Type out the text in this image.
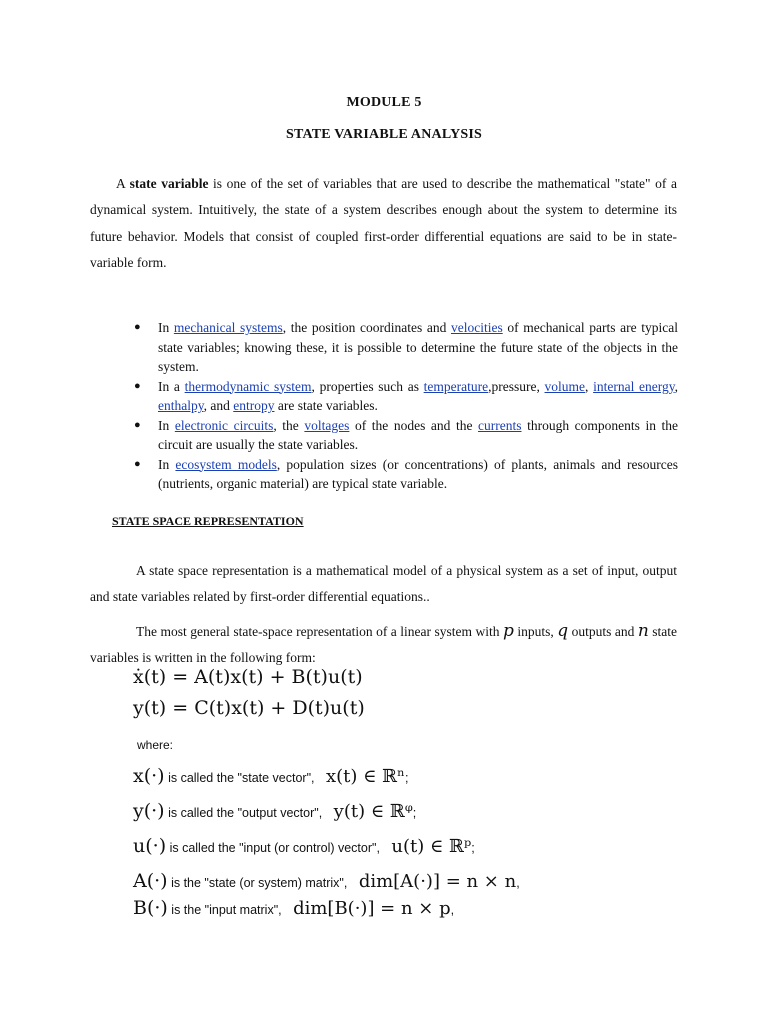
MODULE 5
STATE VARIABLE ANALYSIS

A state variable is one of the set of variables that are used to describe the mathematical "state" of a dynamical system. Intuitively, the state of a system describes enough about the system to determine its future behavior. Models that consist of coupled first-order differential equations are said to be in state-variable form.

● In mechanical systems, the position coordinates and velocities of mechanical parts are typical state variables; knowing these, it is possible to determine the future state of the objects in the system.
● In a thermodynamic system, properties such as temperature,pressure, volume, internal energy, enthalpy, and entropy are state variables.
● In electronic circuits, the voltages of the nodes and the currents through components in the circuit are usually the state variables.
● In ecosystem models, population sizes (or concentrations) of plants, animals and resources (nutrients, organic material) are typical state variable.
STATE SPACE REPRESENTATION

A state space representation is a mathematical model of a physical system as a set of input, output and state variables related by first-order differential equations..

The most general state-space representation of a linear system with p inputs, q outputs and n state variables is written in the following form:

ẋ(t) = A(t)x(t) + B(t)u(t)
y(t) = C(t)x(t) + D(t)u(t)
where:
x(·) is called the "state vector", x(t) ∈ ℝⁿ;
y(·) is called the "output vector", y(t) ∈ ℝᵠ;
u(·) is called the "input (or control) vector", u(t) ∈ ℝᵖ;
A(·) is the "state (or system) matrix", dim[A(·)] = n × n,
B(·) is the "input matrix", dim[B(·)] = n × p,
